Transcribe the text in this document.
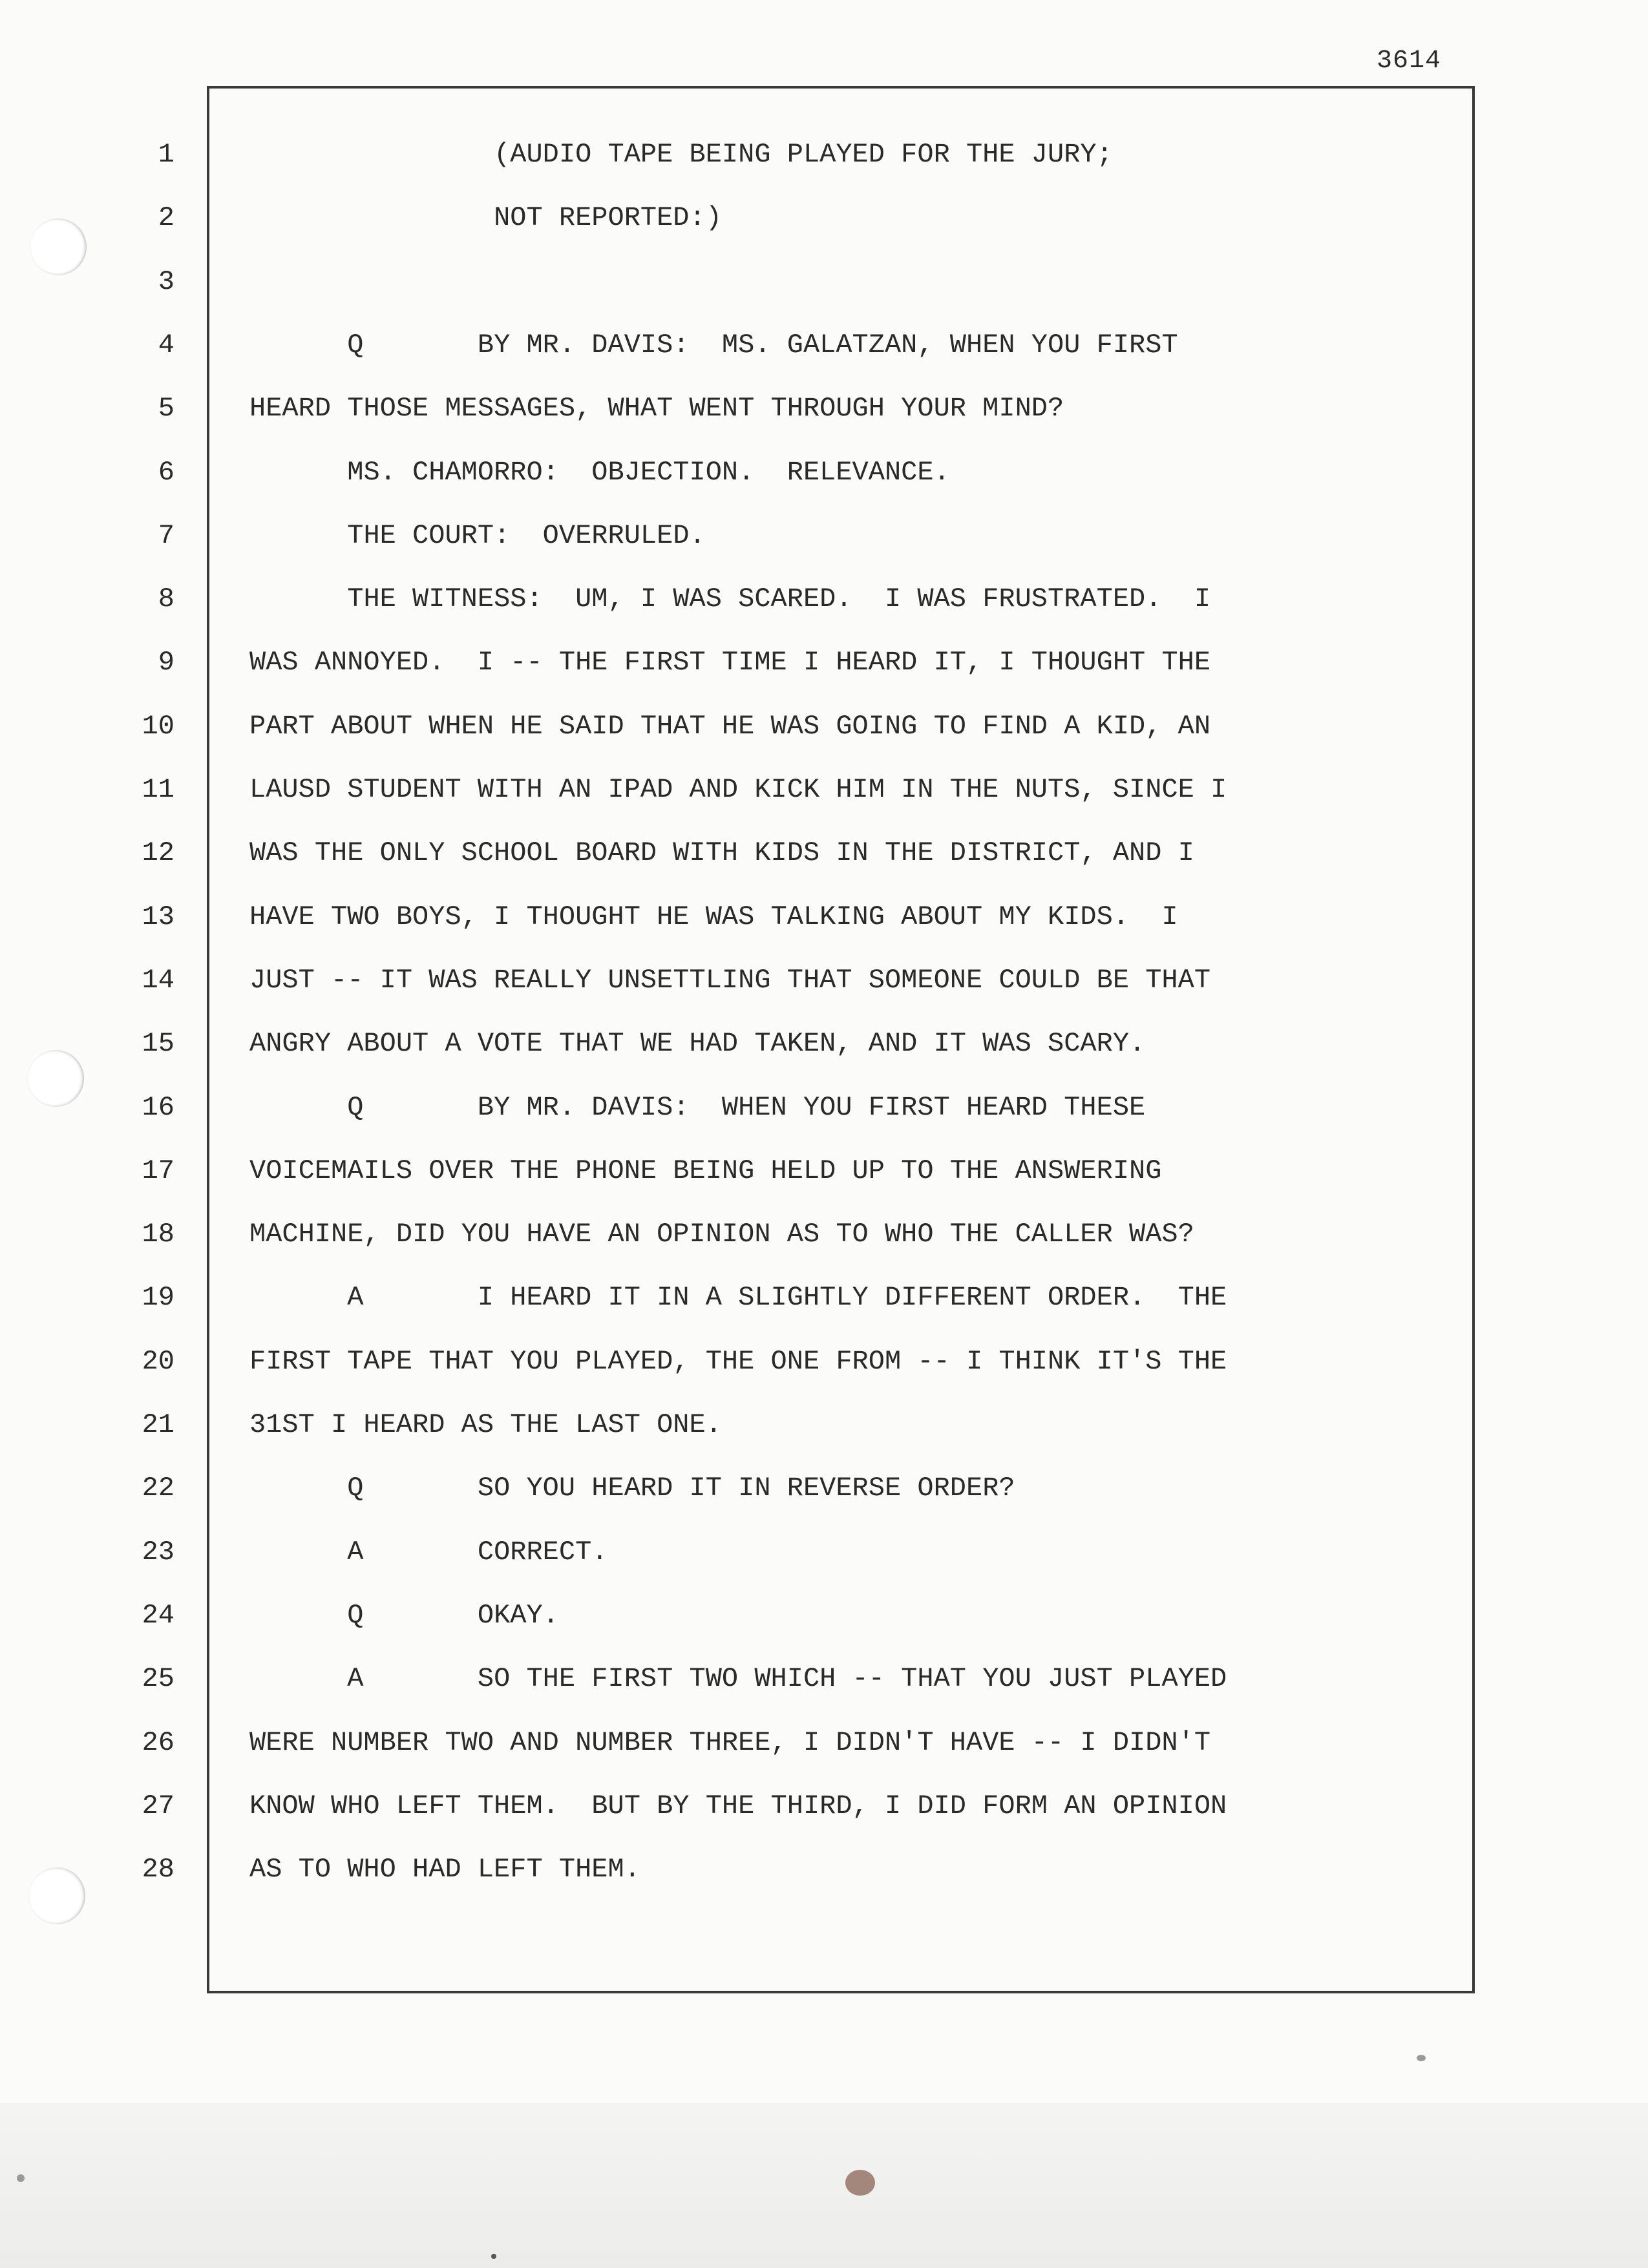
3614
1	(AUDIO TAPE BEING PLAYED FOR THE JURY;
2	NOT REPORTED:)
3
4	Q       BY MR. DAVIS:  MS. GALATZAN, WHEN YOU FIRST
5	HEARD THOSE MESSAGES, WHAT WENT THROUGH YOUR MIND?
6	MS. CHAMORRO:  OBJECTION.  RELEVANCE.
7	THE COURT:  OVERRULED.
8	THE WITNESS:  UM, I WAS SCARED.  I WAS FRUSTRATED.  I
9	WAS ANNOYED.  I -- THE FIRST TIME I HEARD IT, I THOUGHT THE
10	PART ABOUT WHEN HE SAID THAT HE WAS GOING TO FIND A KID, AN
11	LAUSD STUDENT WITH AN IPAD AND KICK HIM IN THE NUTS, SINCE I
12	WAS THE ONLY SCHOOL BOARD WITH KIDS IN THE DISTRICT, AND I
13	HAVE TWO BOYS, I THOUGHT HE WAS TALKING ABOUT MY KIDS.  I
14	JUST -- IT WAS REALLY UNSETTLING THAT SOMEONE COULD BE THAT
15	ANGRY ABOUT A VOTE THAT WE HAD TAKEN, AND IT WAS SCARY.
16	Q       BY MR. DAVIS:  WHEN YOU FIRST HEARD THESE
17	VOICEMAILS OVER THE PHONE BEING HELD UP TO THE ANSWERING
18	MACHINE, DID YOU HAVE AN OPINION AS TO WHO THE CALLER WAS?
19	A       I HEARD IT IN A SLIGHTLY DIFFERENT ORDER.  THE
20	FIRST TAPE THAT YOU PLAYED, THE ONE FROM -- I THINK IT'S THE
21	31ST I HEARD AS THE LAST ONE.
22	Q       SO YOU HEARD IT IN REVERSE ORDER?
23	A       CORRECT.
24	Q       OKAY.
25	A       SO THE FIRST TWO WHICH -- THAT YOU JUST PLAYED
26	WERE NUMBER TWO AND NUMBER THREE, I DIDN'T HAVE -- I DIDN'T
27	KNOW WHO LEFT THEM.  BUT BY THE THIRD, I DID FORM AN OPINION
28	AS TO WHO HAD LEFT THEM.
